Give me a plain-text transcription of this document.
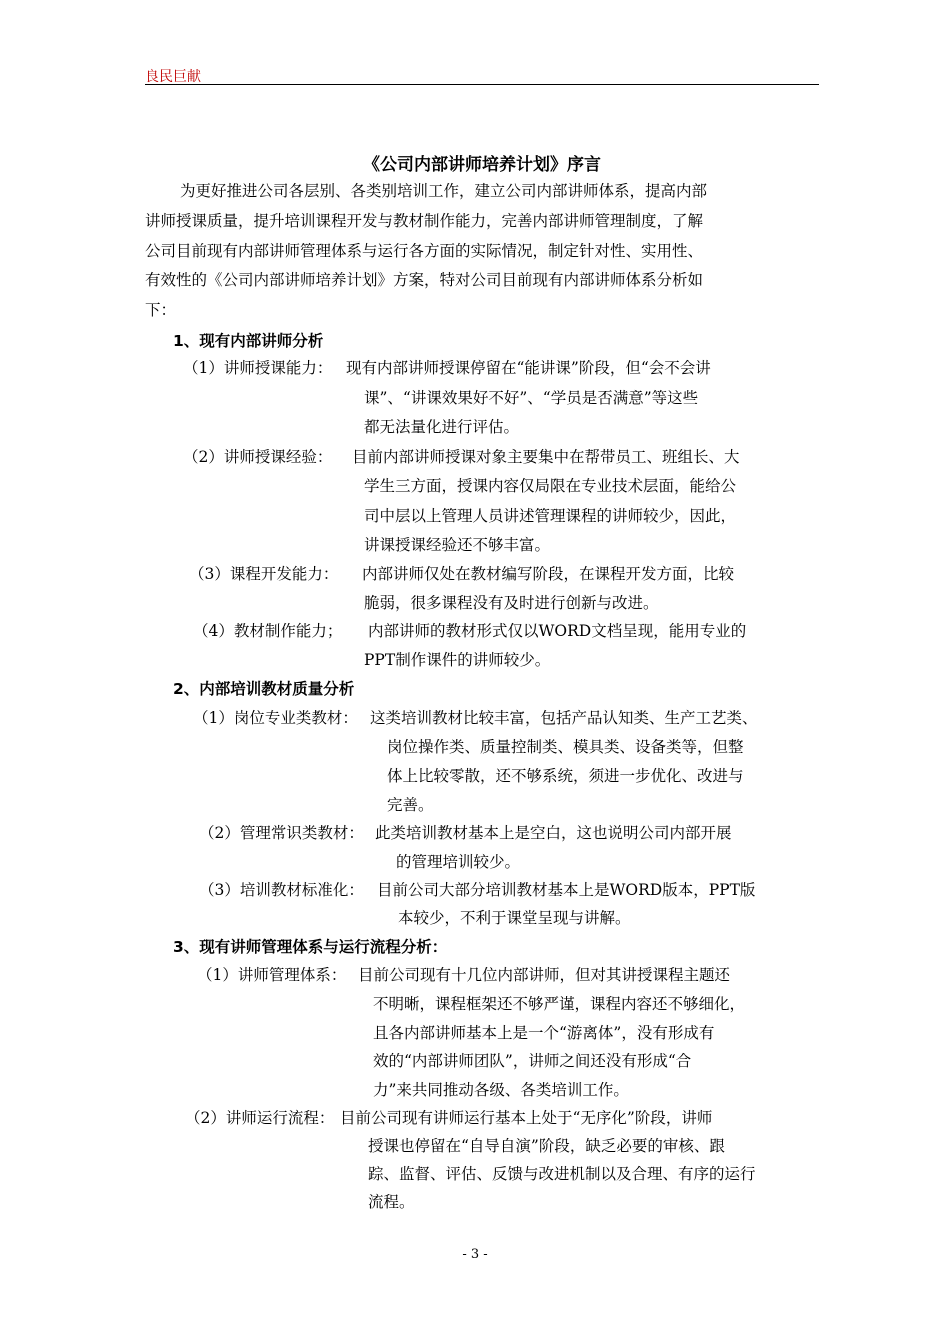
良民巨献
《公司内部讲师培养计划》序言
为更好推进公司各层别、各类别培训工作，建立公司内部讲师体系，提高内部
讲师授课质量，提升培训课程开发与教材制作能力，完善内部讲师管理制度，了解
公司目前现有内部讲师管理体系与运行各方面的实际情况，制定针对性、实用性、
有效性的《公司内部讲师培养计划》方案，特对公司目前现有内部讲师体系分析如
下：
1、现有内部讲师分析
（1）讲师授课能力： 现有内部讲师授课停留在“能讲课”阶段，但“会不会讲
课”、“讲课效果好不好”、“学员是否满意”等这些
都无法量化进行评估。
（2）讲师授课经验： 目前内部讲师授课对象主要集中在帮带员工、班组长、大
学生三方面，授课内容仅局限在专业技术层面，能给公
司中层以上管理人员讲述管理课程的讲师较少，因此，
讲课授课经验还不够丰富。
（3）课程开发能力： 内部讲师仅处在教材编写阶段，在课程开发方面，比较
脆弱，很多课程没有及时进行创新与改进。
（4）教材制作能力； 内部讲师的教材形式仅以WORD文档呈现，能用专业的
PPT制作课件的讲师较少。
2、内部培训教材质量分析
（1）岗位专业类教材： 这类培训教材比较丰富，包括产品认知类、生产工艺类、
岗位操作类、质量控制类、模具类、设备类等，但整
体上比较零散，还不够系统，须进一步优化、改进与
完善。
（2）管理常识类教材： 此类培训教材基本上是空白，这也说明公司内部开展
的管理培训较少。
（3）培训教材标准化： 目前公司大部分培训教材基本上是WORD版本，PPT版
本较少，不利于课堂呈现与讲解。
3、现有讲师管理体系与运行流程分析：
（1）讲师管理体系： 目前公司现有十几位内部讲师，但对其讲授课程主题还
不明晰，课程框架还不够严谨，课程内容还不够细化，
且各内部讲师基本上是一个“游离体”，没有形成有
效的“内部讲师团队”，讲师之间还没有形成“合
力”来共同推动各级、各类培训工作。
（2）讲师运行流程： 目前公司现有讲师运行基本上处于“无序化”阶段，讲师
授课也停留在“自导自演”阶段，缺乏必要的审核、跟
踪、监督、评估、反馈与改进机制以及合理、有序的运行
流程。
- 3 -
